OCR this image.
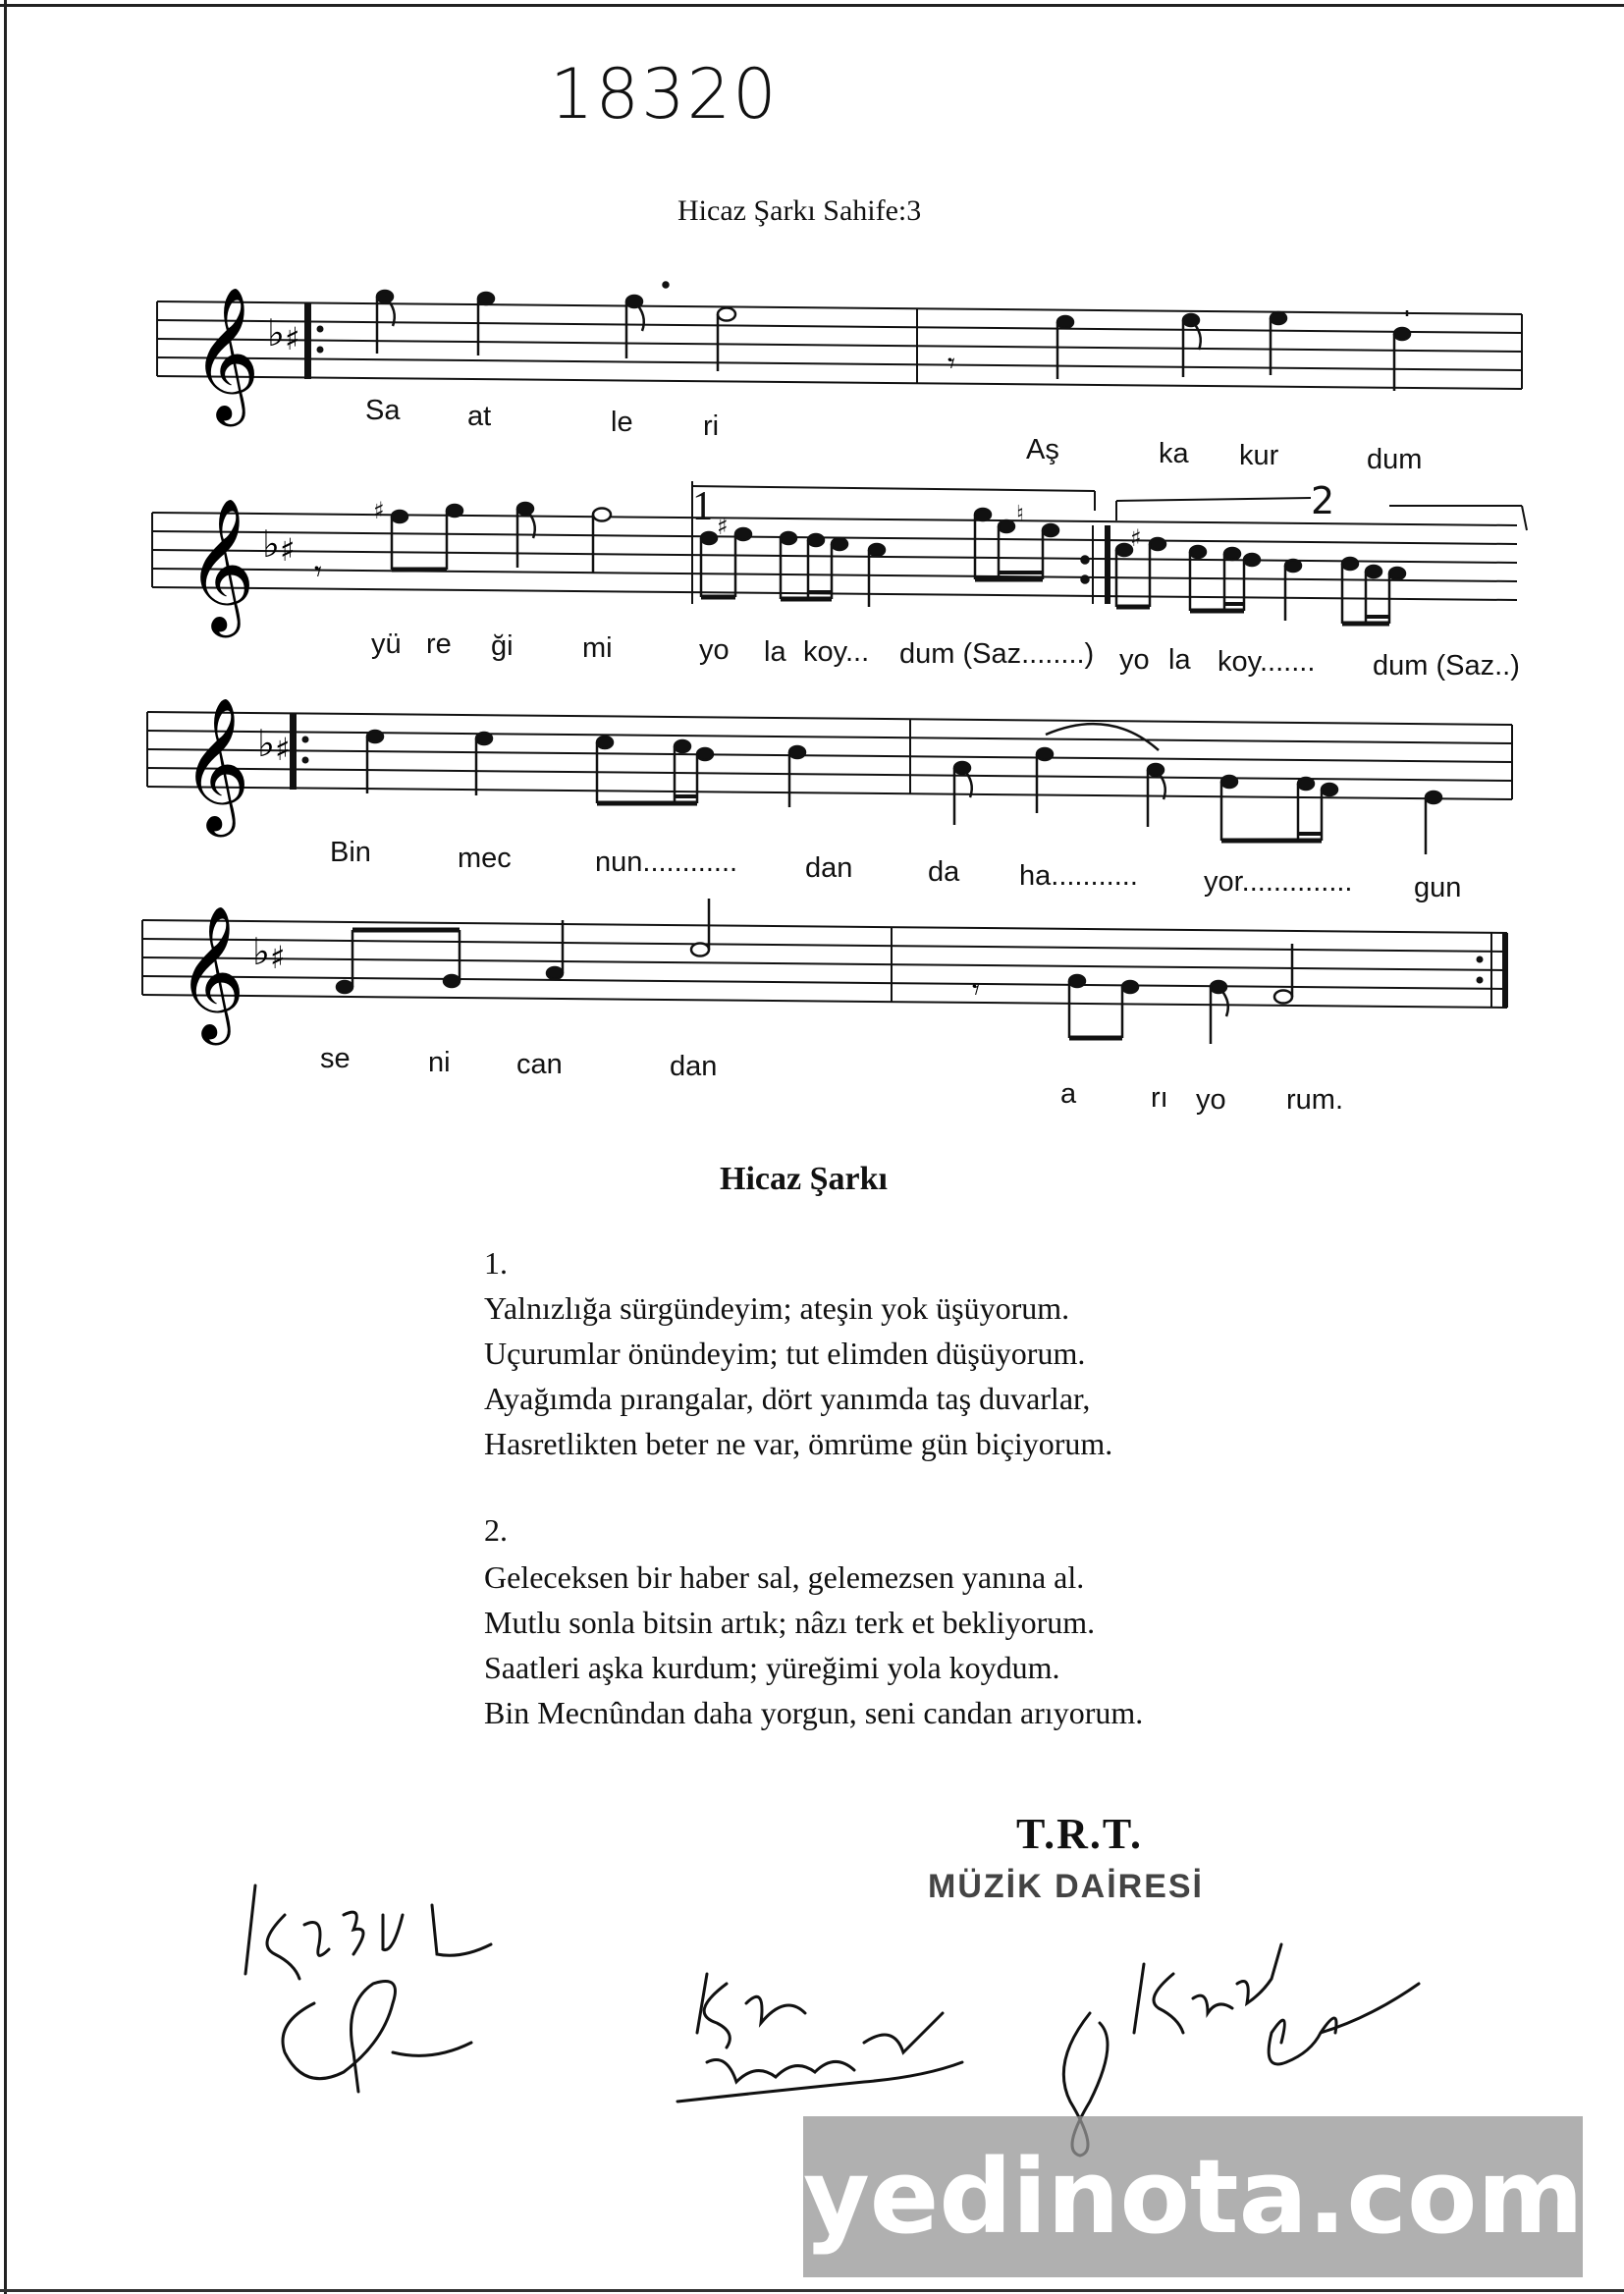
18320
Hicaz Şarkı Sahife:3
𝄞 ♭ ♯
𝄾
Sa at	le ri
Aş	ka kur	dum
𝄞 ♭ ♯
𝄾
♯
♯	♮	2
♯
1
yü re ği mi	yo la koy... dum (Saz........) yo la koy....... dum (Saz..)
𝄞 ♭ ♯
Bin	mec	nun............ dan	da ha........... yor.............. gun
𝄞 ♭ ♯
𝄾
se	ni can	dan
a	rı yo rum.
Hicaz Şarkı
1.
Yalnızlığa sürgündeyim; ateşin yok üşüyorum.
Uçurumlar önündeyim; tut elimden düşüyorum.
Ayağımda pırangalar, dört yanımda taş duvarlar,
Hasretlikten beter ne var, ömrüme gün biçiyorum.
2.
Geleceksen bir haber sal, gelemezsen yanına al.
Mutlu sonla bitsin artık; nâzı terk et bekliyorum.
Saatleri aşka kurdum; yüreğimi yola koydum.
Bin Mecnûndan daha yorgun, seni candan arıyorum.
T.R.T.
MÜZİK DAİRESİ
yedinota.com
